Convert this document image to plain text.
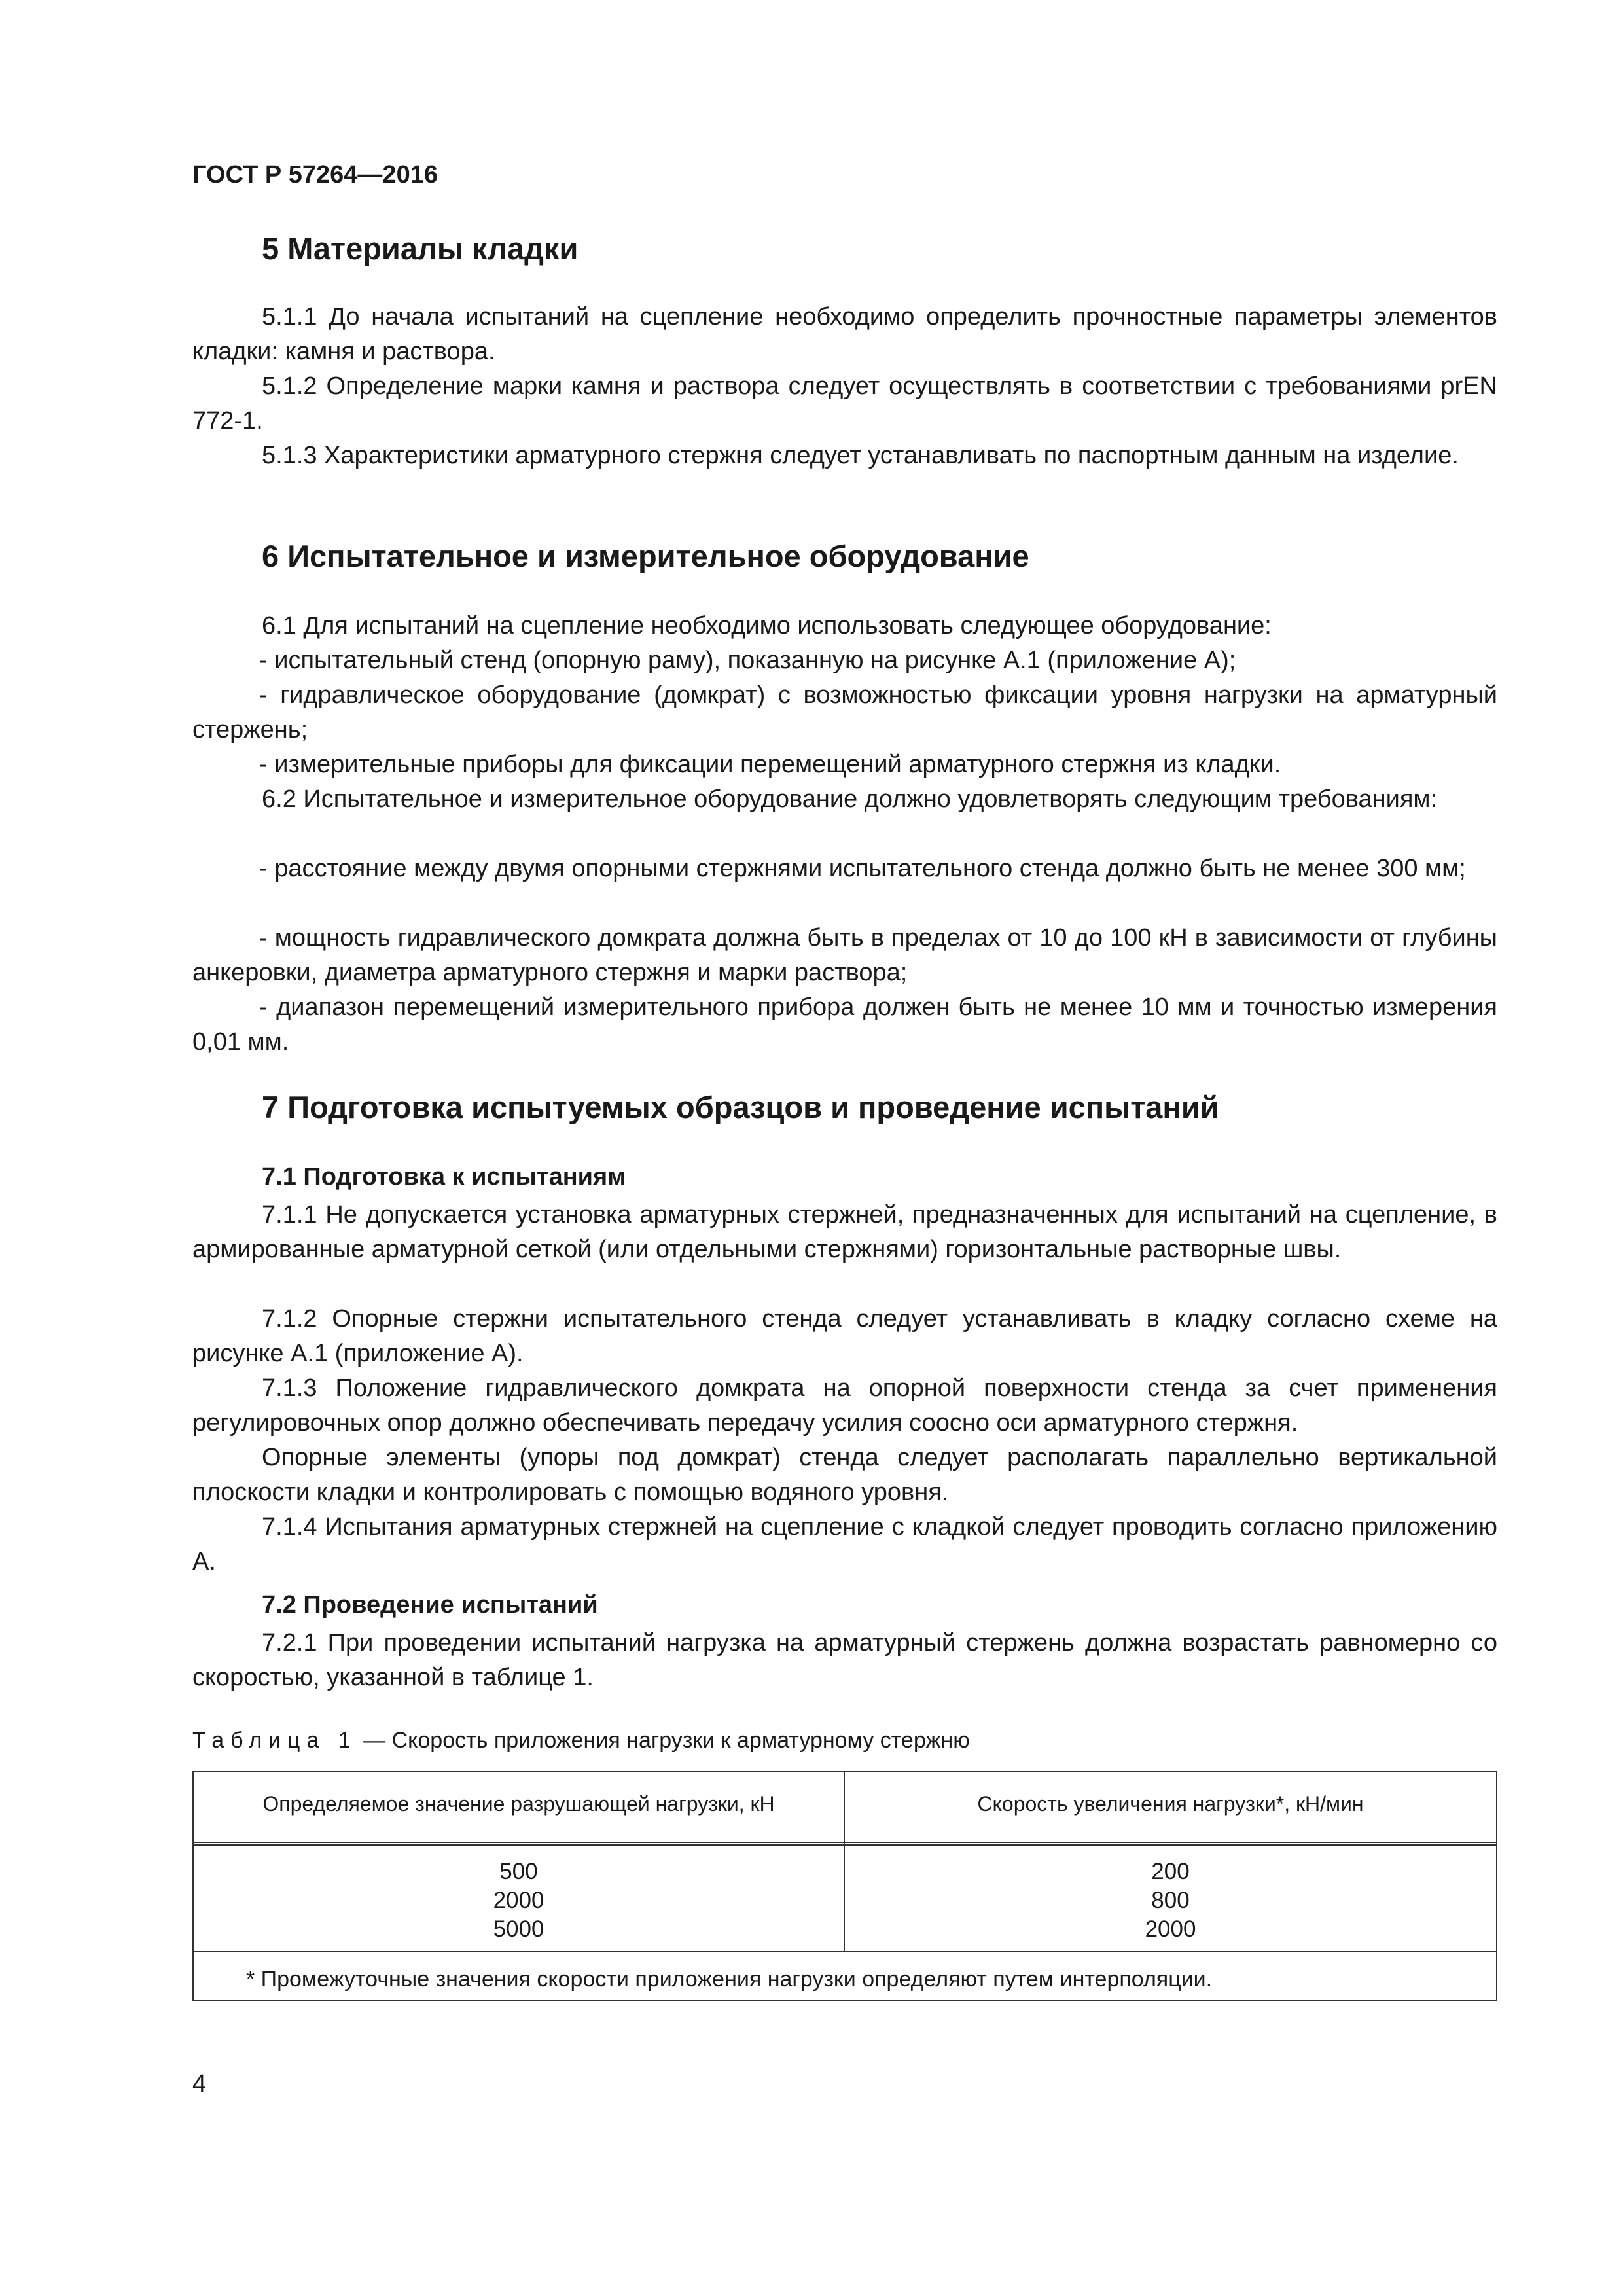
ГОСТ Р 57264—2016
5 Материалы кладки

5.1.1 До начала испытаний на сцепление необходимо определить прочностные параметры элементов кладки: камня и раствора.

5.1.2 Определение марки камня и раствора следует осуществлять в соответствии с требованиями prEN 772-1.

5.1.3 Характеристики арматурного стержня следует устанавливать по паспортным данным на изделие.

6 Испытательное и измерительное оборудование

6.1 Для испытаний на сцепление необходимо использовать следующее оборудование:

- испытательный стенд (опорную раму), показанную на рисунке А.1 (приложение А);

- гидравлическое оборудование (домкрат) с возможностью фиксации уровня нагрузки на арматурный стержень;

- измерительные приборы для фиксации перемещений арматурного стержня из кладки.

6.2 Испытательное и измерительное оборудование должно удовлетворять следующим требованиям:

- расстояние между двумя опорными стержнями испытательного стенда должно быть не менее 300 мм;

- мощность гидравлического домкрата должна быть в пределах от 10 до 100 кН в зависимости от глубины анкеровки, диаметра арматурного стержня и марки раствора;

- диапазон перемещений измерительного прибора должен быть не менее 10 мм и точностью измерения 0,01 мм.

7 Подготовка испытуемых образцов и проведение испытаний
7.1 Подготовка к испытаниям

7.1.1 Не допускается установка арматурных стержней, предназначенных для испытаний на сцепление, в армированные арматурной сеткой (или отдельными стержнями) горизонтальные растворные швы.

7.1.2 Опорные стержни испытательного стенда следует устанавливать в кладку согласно схеме на рисунке А.1 (приложение А).

7.1.3 Положение гидравлического домкрата на опорной поверхности стенда за счет применения регулировочных опор должно обеспечивать передачу усилия соосно оси арматурного стержня.

Опорные элементы (упоры под домкрат) стенда следует располагать параллельно вертикальной плоскости кладки и контролировать с помощью водяного уровня.

7.1.4 Испытания арматурных стержней на сцепление с кладкой следует проводить согласно приложению А.

7.2 Проведение испытаний

7.2.1 При проведении испытаний нагрузка на арматурный стержень должна возрастать равномерно со скоростью, указанной в таблице 1.

Таблица 1 — Скорость приложения нагрузки к арматурному стержню
Определяемое значение разрушающей нагрузки, кН	Скорость увеличения нагрузки*, кН/мин
500
2000
5000
200
800
2000
* Промежуточные значения скорости приложения нагрузки определяют путем интерполяции.
4
